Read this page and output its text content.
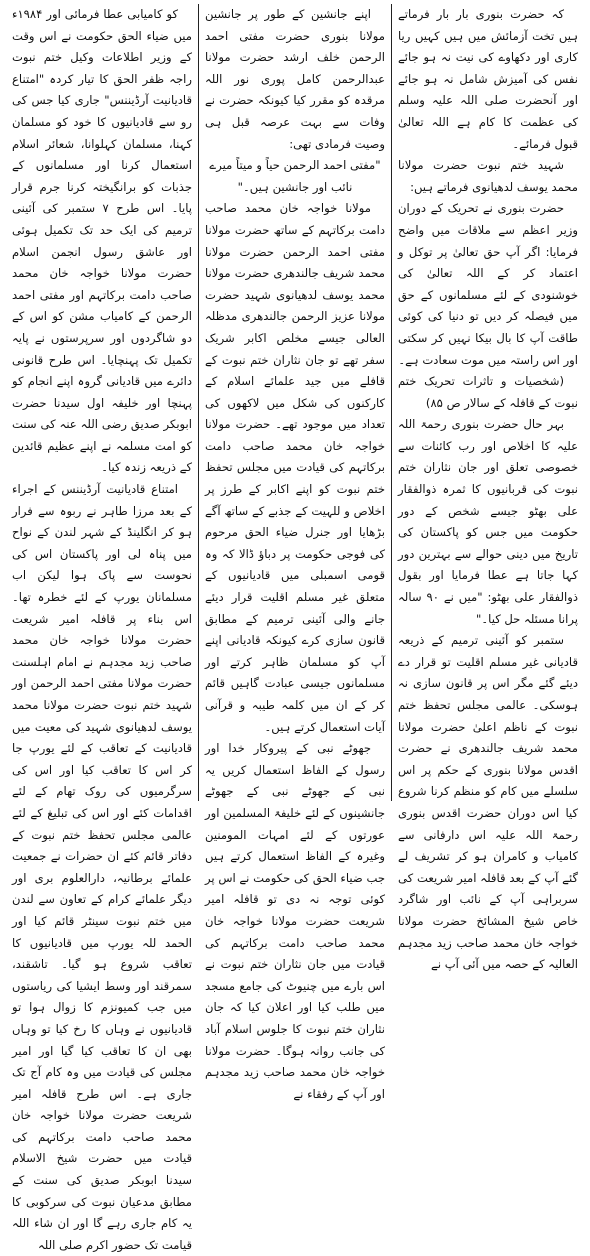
کہ حضرت بنوری بار بار فرماتے ہیں تخت آزمائش میں ہیں کہیں ریا کاری اور دکھاوے کی نیت نہ ہو جائے نفس کی آمیزش شامل نہ ہو جائے اور آنحضرت صلی اللہ علیہ وسلم کی عظمت کا کام ہے اللہ تعالیٰ قبول فرمائے۔

شہید ختم نبوت حضرت مولانا محمد یوسف لدھیانوی فرماتے ہیں:

حضرت بنوری نے تحریک کے دوران وزیر اعظم سے ملاقات میں واضح فرمایا: اگر آپ حق تعالیٰ پر توکل و اعتماد کر کے اللہ تعالیٰ کی خوشنودی کے لئے مسلمانوں کے حق میں فیصلہ کر دیں تو دنیا کی کوئی طاقت آپ کا بال بیکا نہیں کر سکتی اور اس راستہ میں موت سعادت ہے۔

(شخصیات و تاثرات تحریک ختم نبوت کے قافلہ کے سالار ص ۸۵)

بہر حال حضرت بنوری رحمۃ اللہ علیہ کا اخلاص اور رب کائنات سے خصوصی تعلق اور جان نثاران ختم نبوت کی قربانیوں کا ثمرہ ذوالفقار علی بھٹو جیسے شخص کے دور حکومت میں جس کو پاکستان کی تاریخ میں دینی حوالے سے بہترین دور کہا جاتا ہے عطا فرمایا اور بقول ذوالفقار علی بھٹو: "میں نے ۹۰ سالہ پرانا مسئلہ حل کیا۔"

ستمبر کو آئینی ترمیم کے ذریعہ قادیانی غیر مسلم اقلیت تو قرار دے دیئے گئے مگر اس پر قانون سازی نہ ہوسکی۔ عالمی مجلس تحفظ ختم نبوت کے ناظم اعلیٰ حضرت مولانا محمد شریف جالندھری نے حضرت اقدس مولانا بنوری کے حکم پر اس سلسلے میں کام کو منظم کرنا شروع کیا اس دوران حضرت اقدس بنوری رحمۃ اللہ علیہ اس دارفانی سے کامیاب و کامران ہو کر تشریف لے گئے آپ کے بعد قافلہ امیر شریعت کی سربراہی آپ کے نائب اور شاگرد خاص شیخ المشائخ حضرت مولانا خواجہ خان محمد صاحب زید مجدہم العالیہ کے حصہ میں آئی آپ نے

اپنے جانشین کے طور پر جانشین مولانا بنوری حضرت مفتی احمد الرحمن خلف ارشد حضرت مولانا عبدالرحمن کامل پوری نور اللہ مرقدہ کو مقرر کیا کیونکہ حضرت نے وفات سے بہت عرصہ قبل ہی وصیت فرمادی تھی:

"مفتی احمد الرحمن حیاً و میتاً میرے نائب اور جانشین ہیں۔"

مولانا خواجہ خان محمد صاحب دامت برکاتہم کے ساتھ حضرت مولانا مفتی احمد الرحمن حضرت مولانا محمد شریف جالندھری حضرت مولانا محمد یوسف لدھیانوی شہید حضرت مولانا عزیز الرحمن جالندھری مدظلہ العالی جیسے مخلص اکابر شریک سفر تھے تو جان نثاران ختم نبوت کے قافلے میں جید علمائے اسلام کے کارکنوں کی شکل میں لاکھوں کی تعداد میں موجود تھے۔ حضرت مولانا خواجہ خان محمد صاحب دامت برکاتہم کی قیادت میں مجلس تحفظ ختم نبوت کو اپنے اکابر کے طرز پر اخلاص و للہیت کے جذبے کے ساتھ آگے بڑھایا اور جنرل ضیاء الحق مرحوم کی فوجی حکومت پر دباؤ ڈالا کہ وہ قومی اسمبلی میں قادیانیوں کے متعلق غیر مسلم اقلیت قرار دیئے جانے والی آئینی ترمیم کے مطابق قانون سازی کرے کیونکہ قادیانی اپنے آپ کو مسلمان ظاہر کرتے اور مسلمانوں جیسی عبادت گاہیں قائم کر کے ان میں کلمہ طیبہ و قرآنی آیات استعمال کرتے ہیں۔

جھوٹے نبی کے پیروکار خدا اور رسول کے الفاظ استعمال کریں یہ نبی کے جھوٹے نبی کے جھوٹے جانشینوں کے لئے خلیفۃ المسلمین اور عورتوں کے لئے امہات المومنین وغیرہ کے الفاظ استعمال کرتے ہیں جب ضیاء الحق کی حکومت نے اس پر کوئی توجہ نہ دی تو قافلہ امیر شریعت حضرت مولانا خواجہ خان محمد صاحب دامت برکاتہم کی قیادت میں جان نثاران ختم نبوت نے اس بارے میں چنیوٹ کی جامع مسجد میں طلب کیا اور اعلان کیا کہ جان نثاران ختم نبوت کا جلوس اسلام آباد کی جانب روانہ ہوگا۔ حضرت مولانا خواجہ خان محمد صاحب زید مجدہم اور آپ کے رفقاء نے

کو کامیابی عطا فرمائی اور ۱۹۸۴ء میں ضیاء الحق حکومت نے اس وقت کے وزیر اطلاعات وکیل ختم نبوت راجہ ظفر الحق کا تیار کردہ "امتناع قادیانیت آرڈیننس" جاری کیا جس کی رو سے قادیانیوں کا خود کو مسلمان کہنا، مسلمان کہلوانا، شعائر اسلام استعمال کرنا اور مسلمانوں کے جذبات کو برانگیختہ کرنا جرم قرار پایا۔ اس طرح ۷ ستمبر کی آئینی ترمیم کی ایک حد تک تکمیل ہوئی اور عاشق رسول انجمن اسلام حضرت مولانا خواجہ خان محمد صاحب دامت برکاتہم اور مفتی احمد الرحمن کے کامیاب مشن کو اس کے دو شاگردوں اور سرپرستوں نے پایہ تکمیل تک پہنچایا۔ اس طرح قانونی دائرے میں قادیانی گروہ اپنے انجام کو پہنچا اور خلیفہ اول سیدنا حضرت ابوبکر صدیق رضی اللہ عنہ کی سنت کو امت مسلمہ نے اپنے عظیم قائدین کے ذریعہ زندہ کیا۔

امتناع قادیانیت آرڈیننس کے اجراء کے بعد مرزا طاہر نے ربوہ سے فرار ہو کر انگلینڈ کے شہر لندن کے نواح میں پناہ لی اور پاکستان اس کی نحوست سے پاک ہوا لیکن اب مسلمانان یورپ کے لئے خطرہ تھا۔ اس بناء پر قافلہ امیر شریعت حضرت مولانا خواجہ خان محمد صاحب زید مجدہم نے امام اہلسنت حضرت مولانا مفتی احمد الرحمن اور شہید ختم نبوت حضرت مولانا محمد یوسف لدھیانوی شہید کی معیت میں قادیانیت کے تعاقب کے لئے یورپ جا کر اس کا تعاقب کیا اور اس کی سرگرمیوں کی روک تھام کے لئے اقدامات کئے اور اس کی تبلیغ کے لئے عالمی مجلس تحفظ ختم نبوت کے دفاتر قائم کئے ان حضرات نے جمعیت علمائے برطانیہ، دارالعلوم بری اور دیگر علمائے کرام کے تعاون سے لندن میں ختم نبوت سینٹر قائم کیا اور الحمد للہ یورپ میں قادیانیوں کا تعاقب شروع ہو گیا۔ تاشقند، سمرقند اور وسط ایشیا کی ریاستوں میں جب کمیونزم کا زوال ہوا تو قادیانیوں نے وہاں کا رخ کیا تو وہاں بھی ان کا تعاقب کیا گیا اور امیر مجلس کی قیادت میں وہ کام آج تک جاری ہے۔ اس طرح قافلہ امیر شریعت حضرت مولانا خواجہ خان محمد صاحب دامت برکاتہم کی قیادت میں حضرت شیخ الاسلام سیدنا ابوبکر صدیق کی سنت کے مطابق مدعیان نبوت کی سرکوبی کا یہ کام جاری رہے گا اور ان شاء اللہ قیامت تک حضور اکرم صلی اللہ
